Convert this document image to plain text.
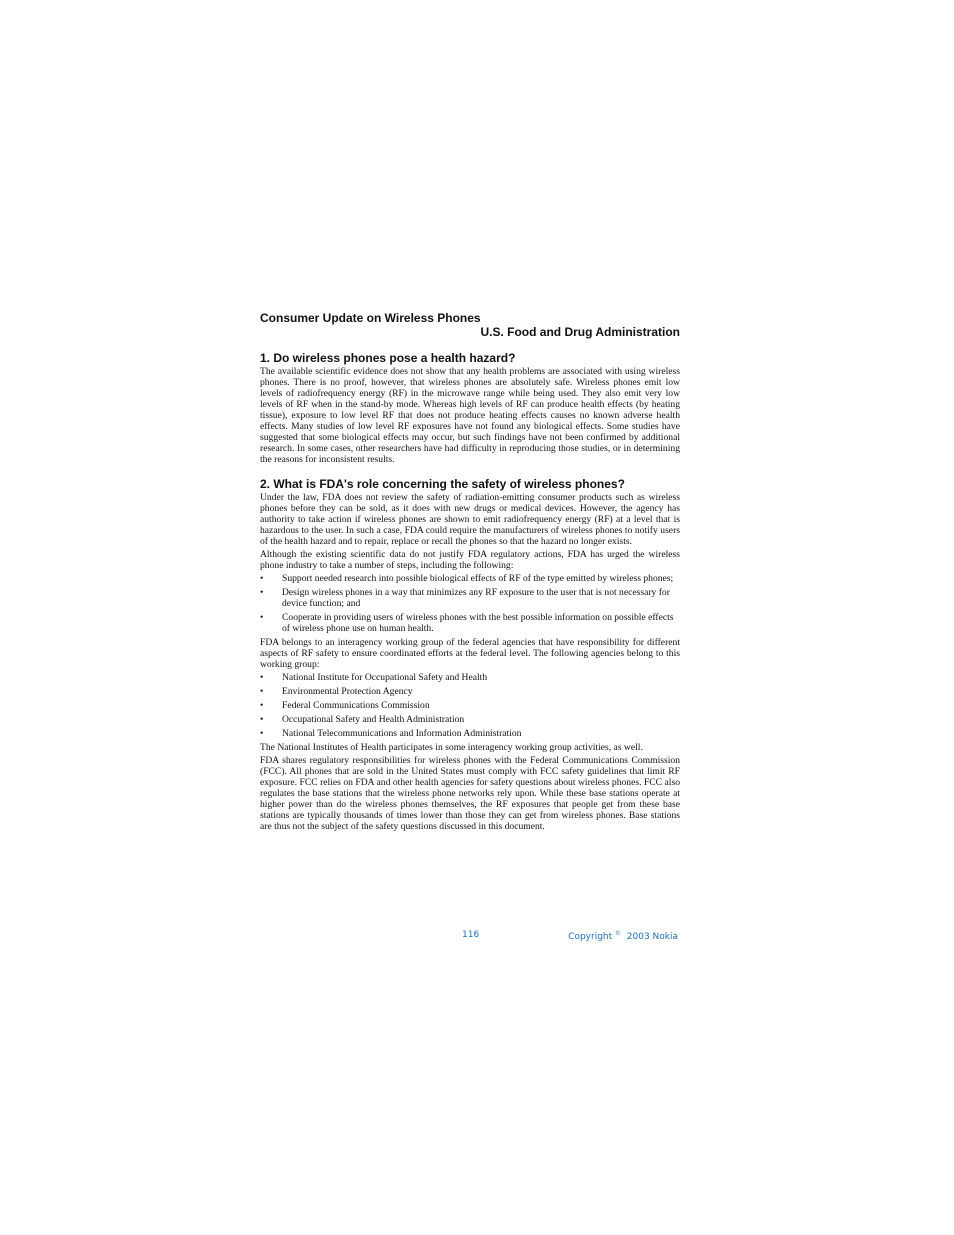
Consumer Update on Wireless Phones
U.S. Food and Drug Administration
1. Do wireless phones pose a health hazard?

The available scientific evidence does not show that any health problems are associated with using wireless phones. There is no proof, however, that wireless phones are absolutely safe. Wireless phones emit low levels of radiofrequency energy (RF) in the microwave range while being used. They also emit very low levels of RF when in the stand-by mode. Whereas high levels of RF can produce health effects (by heating tissue), exposure to low level RF that does not produce heating effects causes no known adverse health effects. Many studies of low level RF exposures have not found any biological effects. Some studies have suggested that some biological effects may occur, but such findings have not been confirmed by additional research. In some cases, other researchers have had difficulty in reproducing those studies, or in determining the reasons for inconsistent results.

2. What is FDA's role concerning the safety of wireless phones?

Under the law, FDA does not review the safety of radiation-emitting consumer products such as wireless phones before they can be sold, as it does with new drugs or medical devices. However, the agency has authority to take action if wireless phones are shown to emit radiofrequency energy (RF) at a level that is hazardous to the user. In such a case, FDA could require the manufacturers of wireless phones to notify users of the health hazard and to repair, replace or recall the phones so that the hazard no longer exists.

Although the existing scientific data do not justify FDA regulatory actions, FDA has urged the wireless phone industry to take a number of steps, including the following:

• Support needed research into possible biological effects of RF of the type emitted by wireless phones;
• Design wireless phones in a way that minimizes any RF exposure to the user that is not necessary for device function; and
• Cooperate in providing users of wireless phones with the best possible information on possible effects of wireless phone use on human health.

FDA belongs to an interagency working group of the federal agencies that have responsibility for different aspects of RF safety to ensure coordinated efforts at the federal level. The following agencies belong to this working group:

• National Institute for Occupational Safety and Health
• Environmental Protection Agency
• Federal Communications Commission
• Occupational Safety and Health Administration
• National Telecommunications and Information Administration

The National Institutes of Health participates in some interagency working group activities, as well.

FDA shares regulatory responsibilities for wireless phones with the Federal Communications Commission (FCC). All phones that are sold in the United States must comply with FCC safety guidelines that limit RF exposure. FCC relies on FDA and other health agencies for safety questions about wireless phones. FCC also regulates the base stations that the wireless phone networks rely upon. While these base stations operate at higher power than do the wireless phones themselves, the RF exposures that people get from these base stations are typically thousands of times lower than those they can get from wireless phones. Base stations are thus not the subject of the safety questions discussed in this document.

116	Copyright © 2003 Nokia
